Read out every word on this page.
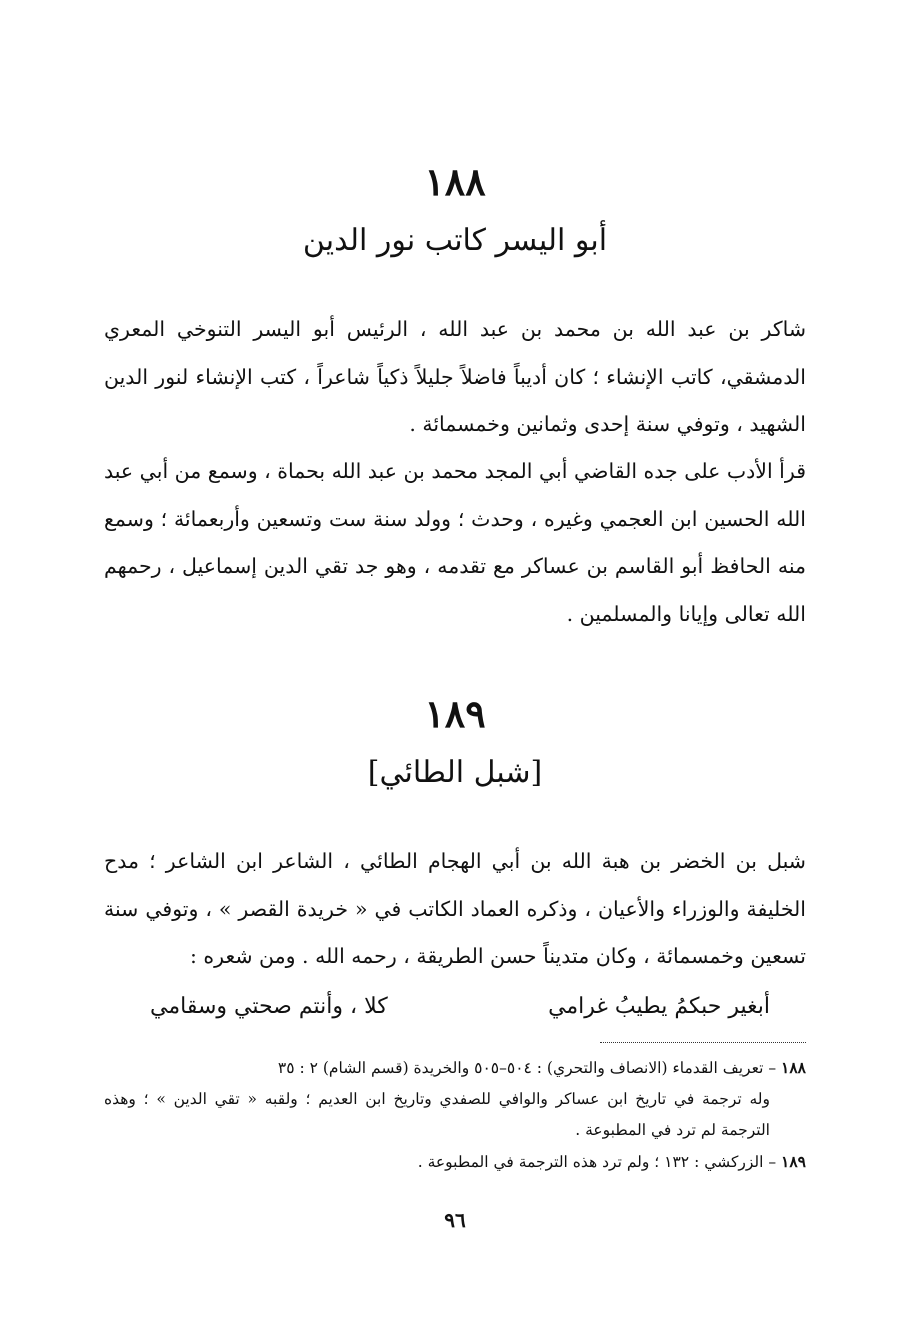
١٨٨
أبو اليسر كاتب نور الدين

شاكر بن عبد الله بن محمد بن عبد الله ، الرئيس أبو اليسر التنوخي المعري الدمشقي، كاتب الإنشاء ؛ كان أديباً فاضلاً جليلاً ذكياً شاعراً ، كتب الإنشاء لنور الدين الشهيد ، وتوفي سنة إحدى وثمانين وخمسمائة .

قرأ الأدب على جده القاضي أبي المجد محمد بن عبد الله بحماة ، وسمع من أبي عبد الله الحسين ابن العجمي وغيره ، وحدث ؛ وولد سنة ست وتسعين وأربعمائة ؛ وسمع منه الحافظ أبو القاسم بن عساكر مع تقدمه ، وهو جد تقي الدين إسماعيل ، رحمهم الله تعالى وإيانا والمسلمين .

١٨٩
[شبل الطائي]

شبل بن الخضر بن هبة الله بن أبي الهجام الطائي ، الشاعر ابن الشاعر ؛ مدح الخليفة والوزراء والأعيان ، وذكره العماد الكاتب في « خريدة القصر » ، وتوفي سنة تسعين وخمسمائة ، وكان متديناً حسن الطريقة ، رحمه الله . ومن شعره :

أبغير حبكمُ يطيبُ غرامي
كلا ، وأنتم صحتي وسقامي
١٨٨ – تعريف القدماء (الانصاف والتحري) : ٥٠٤–٥٠٥ والخريدة (قسم الشام) ٢ : ٣٥
وله ترجمة في تاريخ ابن عساكر والوافي للصفدي وتاريخ ابن العديم ؛ ولقبه « تقي الدين » ؛ وهذه الترجمة لم ترد في المطبوعة .
١٨٩ – الزركشي : ١٣٢ ؛ ولم ترد هذه الترجمة في المطبوعة .
٩٦
